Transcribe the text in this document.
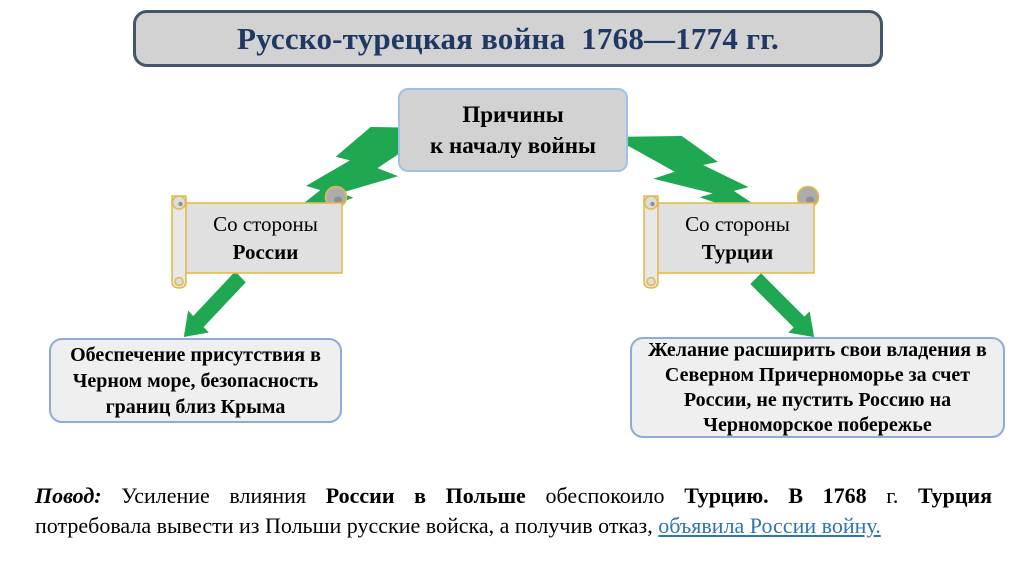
Русско-турецкая война  1768—1774 гг.
Причины
к началу войны
Со стороны
России
Со стороны
Турции
Обеспечение присутствия в Черном море, безопасность границ близ Крыма
Желание расширить свои владения в Северном Причерноморье за счет России, не пустить Россию на Черноморское побережье
Повод: Усиление влияния России в Польше обеспокоило Турцию. В 1768 г. Турция
потребовала вывести из Польши русские войска, а получив отказ, объявила России войну.
